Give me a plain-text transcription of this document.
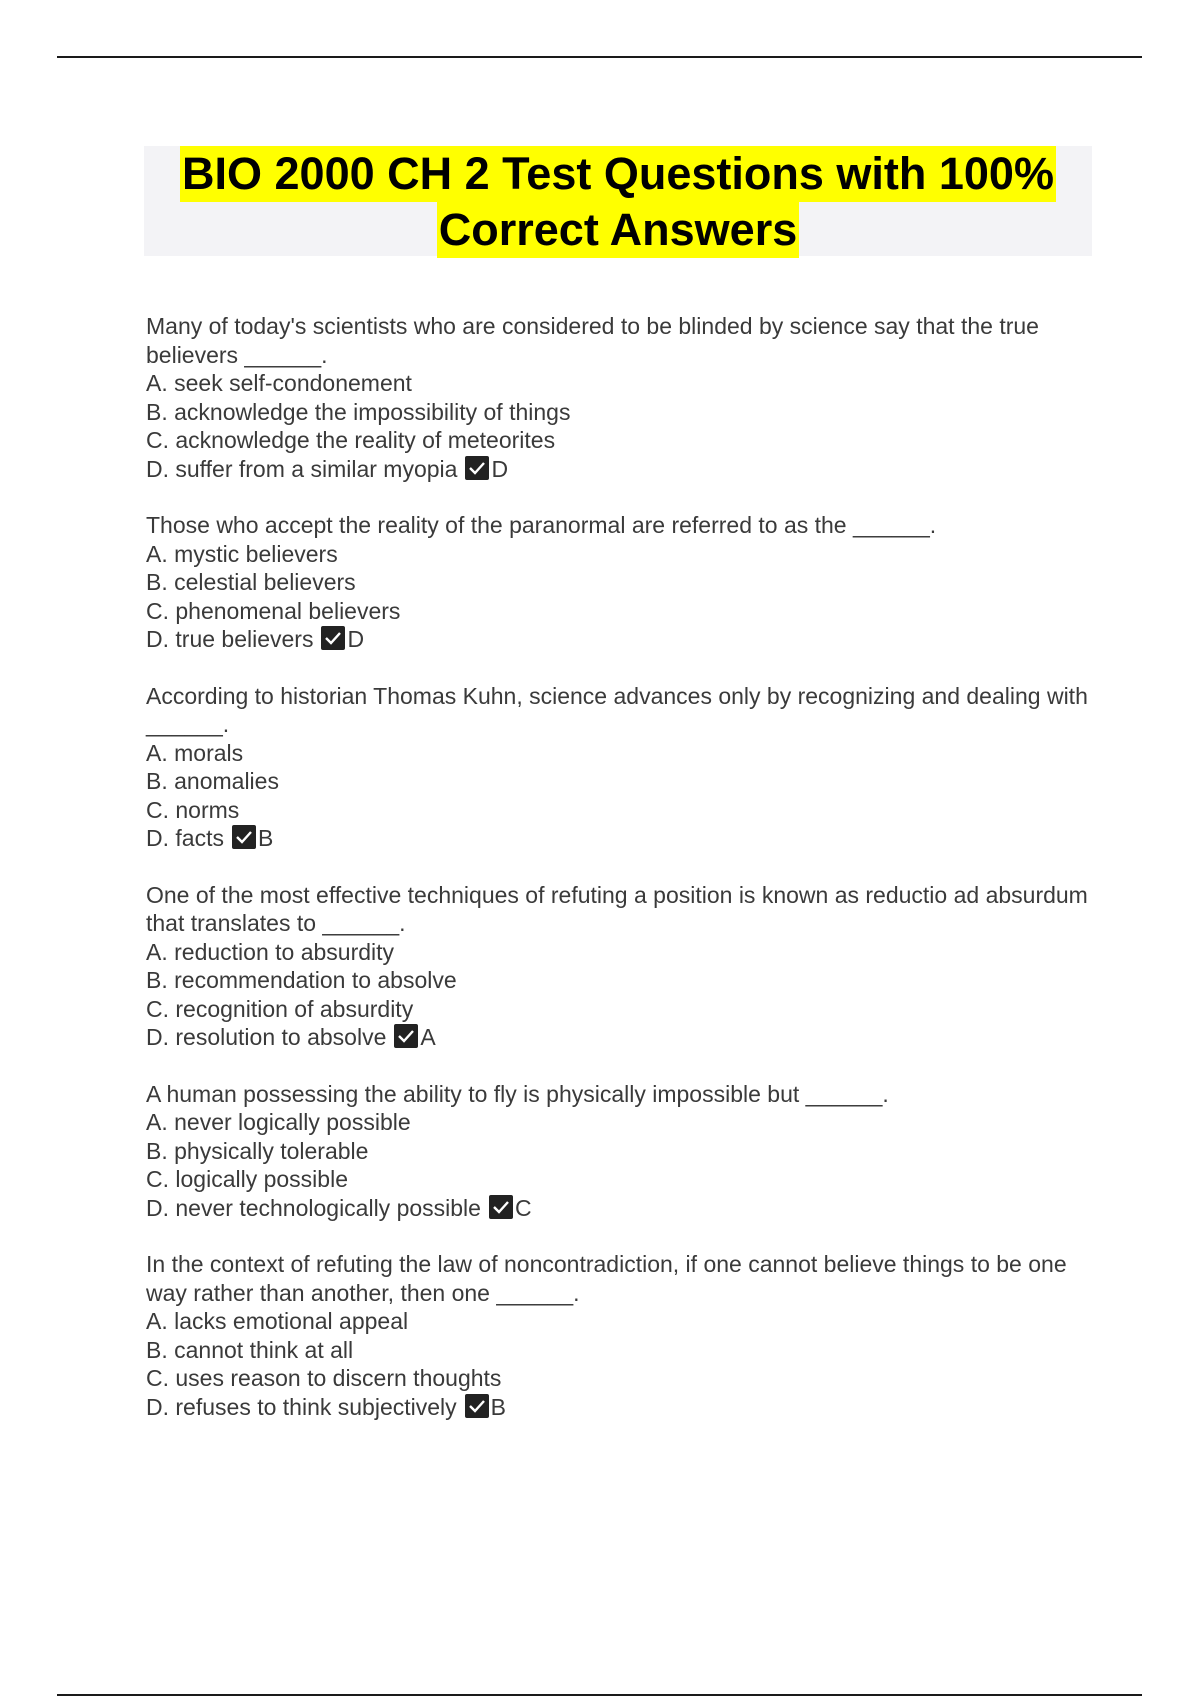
BIO 2000 CH 2 Test Questions with 100%
Correct Answers
Many of today's scientists who are considered to be blinded by science say that the true believers ______.
A. seek self-condonement
B. acknowledge the impossibility of things
C. acknowledge the reality of meteorites
D. suffer from a similar myopia D
Those who accept the reality of the paranormal are referred to as the ______.
A. mystic believers
B. celestial believers
C. phenomenal believers
D. true believers D
According to historian Thomas Kuhn, science advances only by recognizing and dealing with ______.
A. morals
B. anomalies
C. norms
D. facts B
One of the most effective techniques of refuting a position is known as reductio ad absurdum that translates to ______.
A. reduction to absurdity
B. recommendation to absolve
C. recognition of absurdity
D. resolution to absolve A
A human possessing the ability to fly is physically impossible but ______.
A. never logically possible
B. physically tolerable
C. logically possible
D. never technologically possible C
In the context of refuting the law of noncontradiction, if one cannot believe things to be one way rather than another, then one ______.
A. lacks emotional appeal
B. cannot think at all
C. uses reason to discern thoughts
D. refuses to think subjectively B
